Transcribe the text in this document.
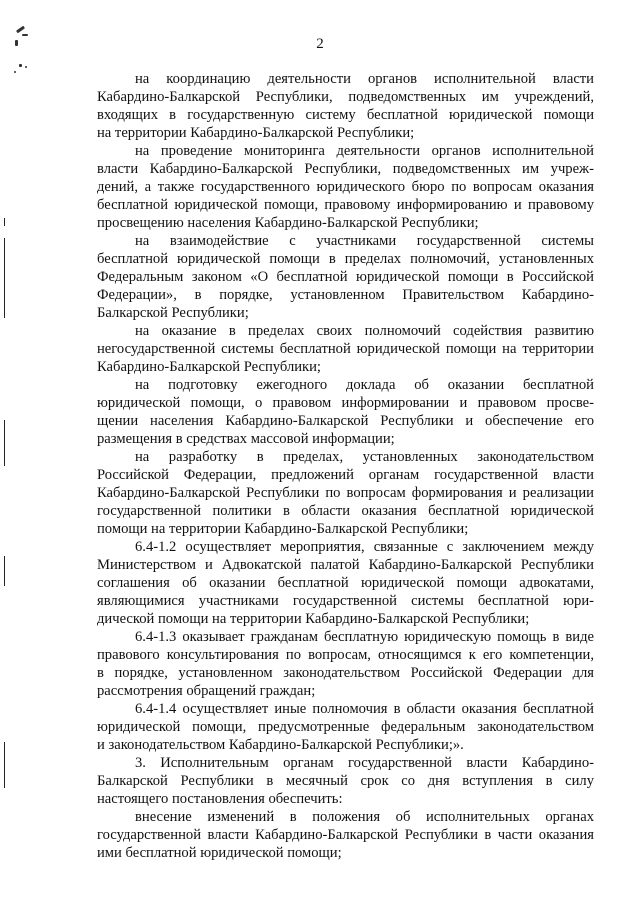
2
на координацию деятельности органов исполнительной власти
Кабардино-Балкарской Республики, подведомственных им учреждений,
входящих в государственную систему бесплатной юридической помощи
на территории Кабардино-Балкарской Республики;
на проведение мониторинга деятельности органов исполнительной
власти Кабардино-Балкарской Республики, подведомственных им учреж-
дений, а также государственного юридического бюро по вопросам оказания
бесплатной юридической помощи, правовому информированию и правовому
просвещению населения Кабардино-Балкарской Республики;
на взаимодействие с участниками государственной системы
бесплатной юридической помощи в пределах полномочий, установленных
Федеральным законом «О бесплатной юридической помощи в Российской
Федерации», в порядке, установленном Правительством Кабардино-
Балкарской Республики;
на оказание в пределах своих полномочий содействия развитию
негосударственной системы бесплатной юридической помощи на территории
Кабардино-Балкарской Республики;
на подготовку ежегодного доклада об оказании бесплатной
юридической помощи, о правовом информировании и правовом просве-
щении населения Кабардино-Балкарской Республики и обеспечение его
размещения в средствах массовой информации;
на разработку в пределах, установленных законодательством
Российской Федерации, предложений органам государственной власти
Кабардино-Балкарской Республики по вопросам формирования и реализации
государственной политики в области оказания бесплатной юридической
помощи на территории Кабардино-Балкарской Республики;
6.4-1.2 осуществляет мероприятия, связанные с заключением между
Министерством и Адвокатской палатой Кабардино-Балкарской Республики
соглашения об оказании бесплатной юридической помощи адвокатами,
являющимися участниками государственной системы бесплатной юри-
дической помощи на территории Кабардино-Балкарской Республики;
6.4-1.3 оказывает гражданам бесплатную юридическую помощь в виде
правового консультирования по вопросам, относящимся к его компетенции,
в порядке, установленном законодательством Российской Федерации для
рассмотрения обращений граждан;
6.4-1.4 осуществляет иные полномочия в области оказания бесплатной
юридической помощи, предусмотренные федеральным законодательством
и законодательством Кабардино-Балкарской Республики;».
3. Исполнительным органам государственной власти Кабардино-
Балкарской Республики в месячный срок со дня вступления в силу
настоящего постановления обеспечить:
внесение изменений в положения об исполнительных органах
государственной власти Кабардино-Балкарской Республики в части оказания
ими бесплатной юридической помощи;
